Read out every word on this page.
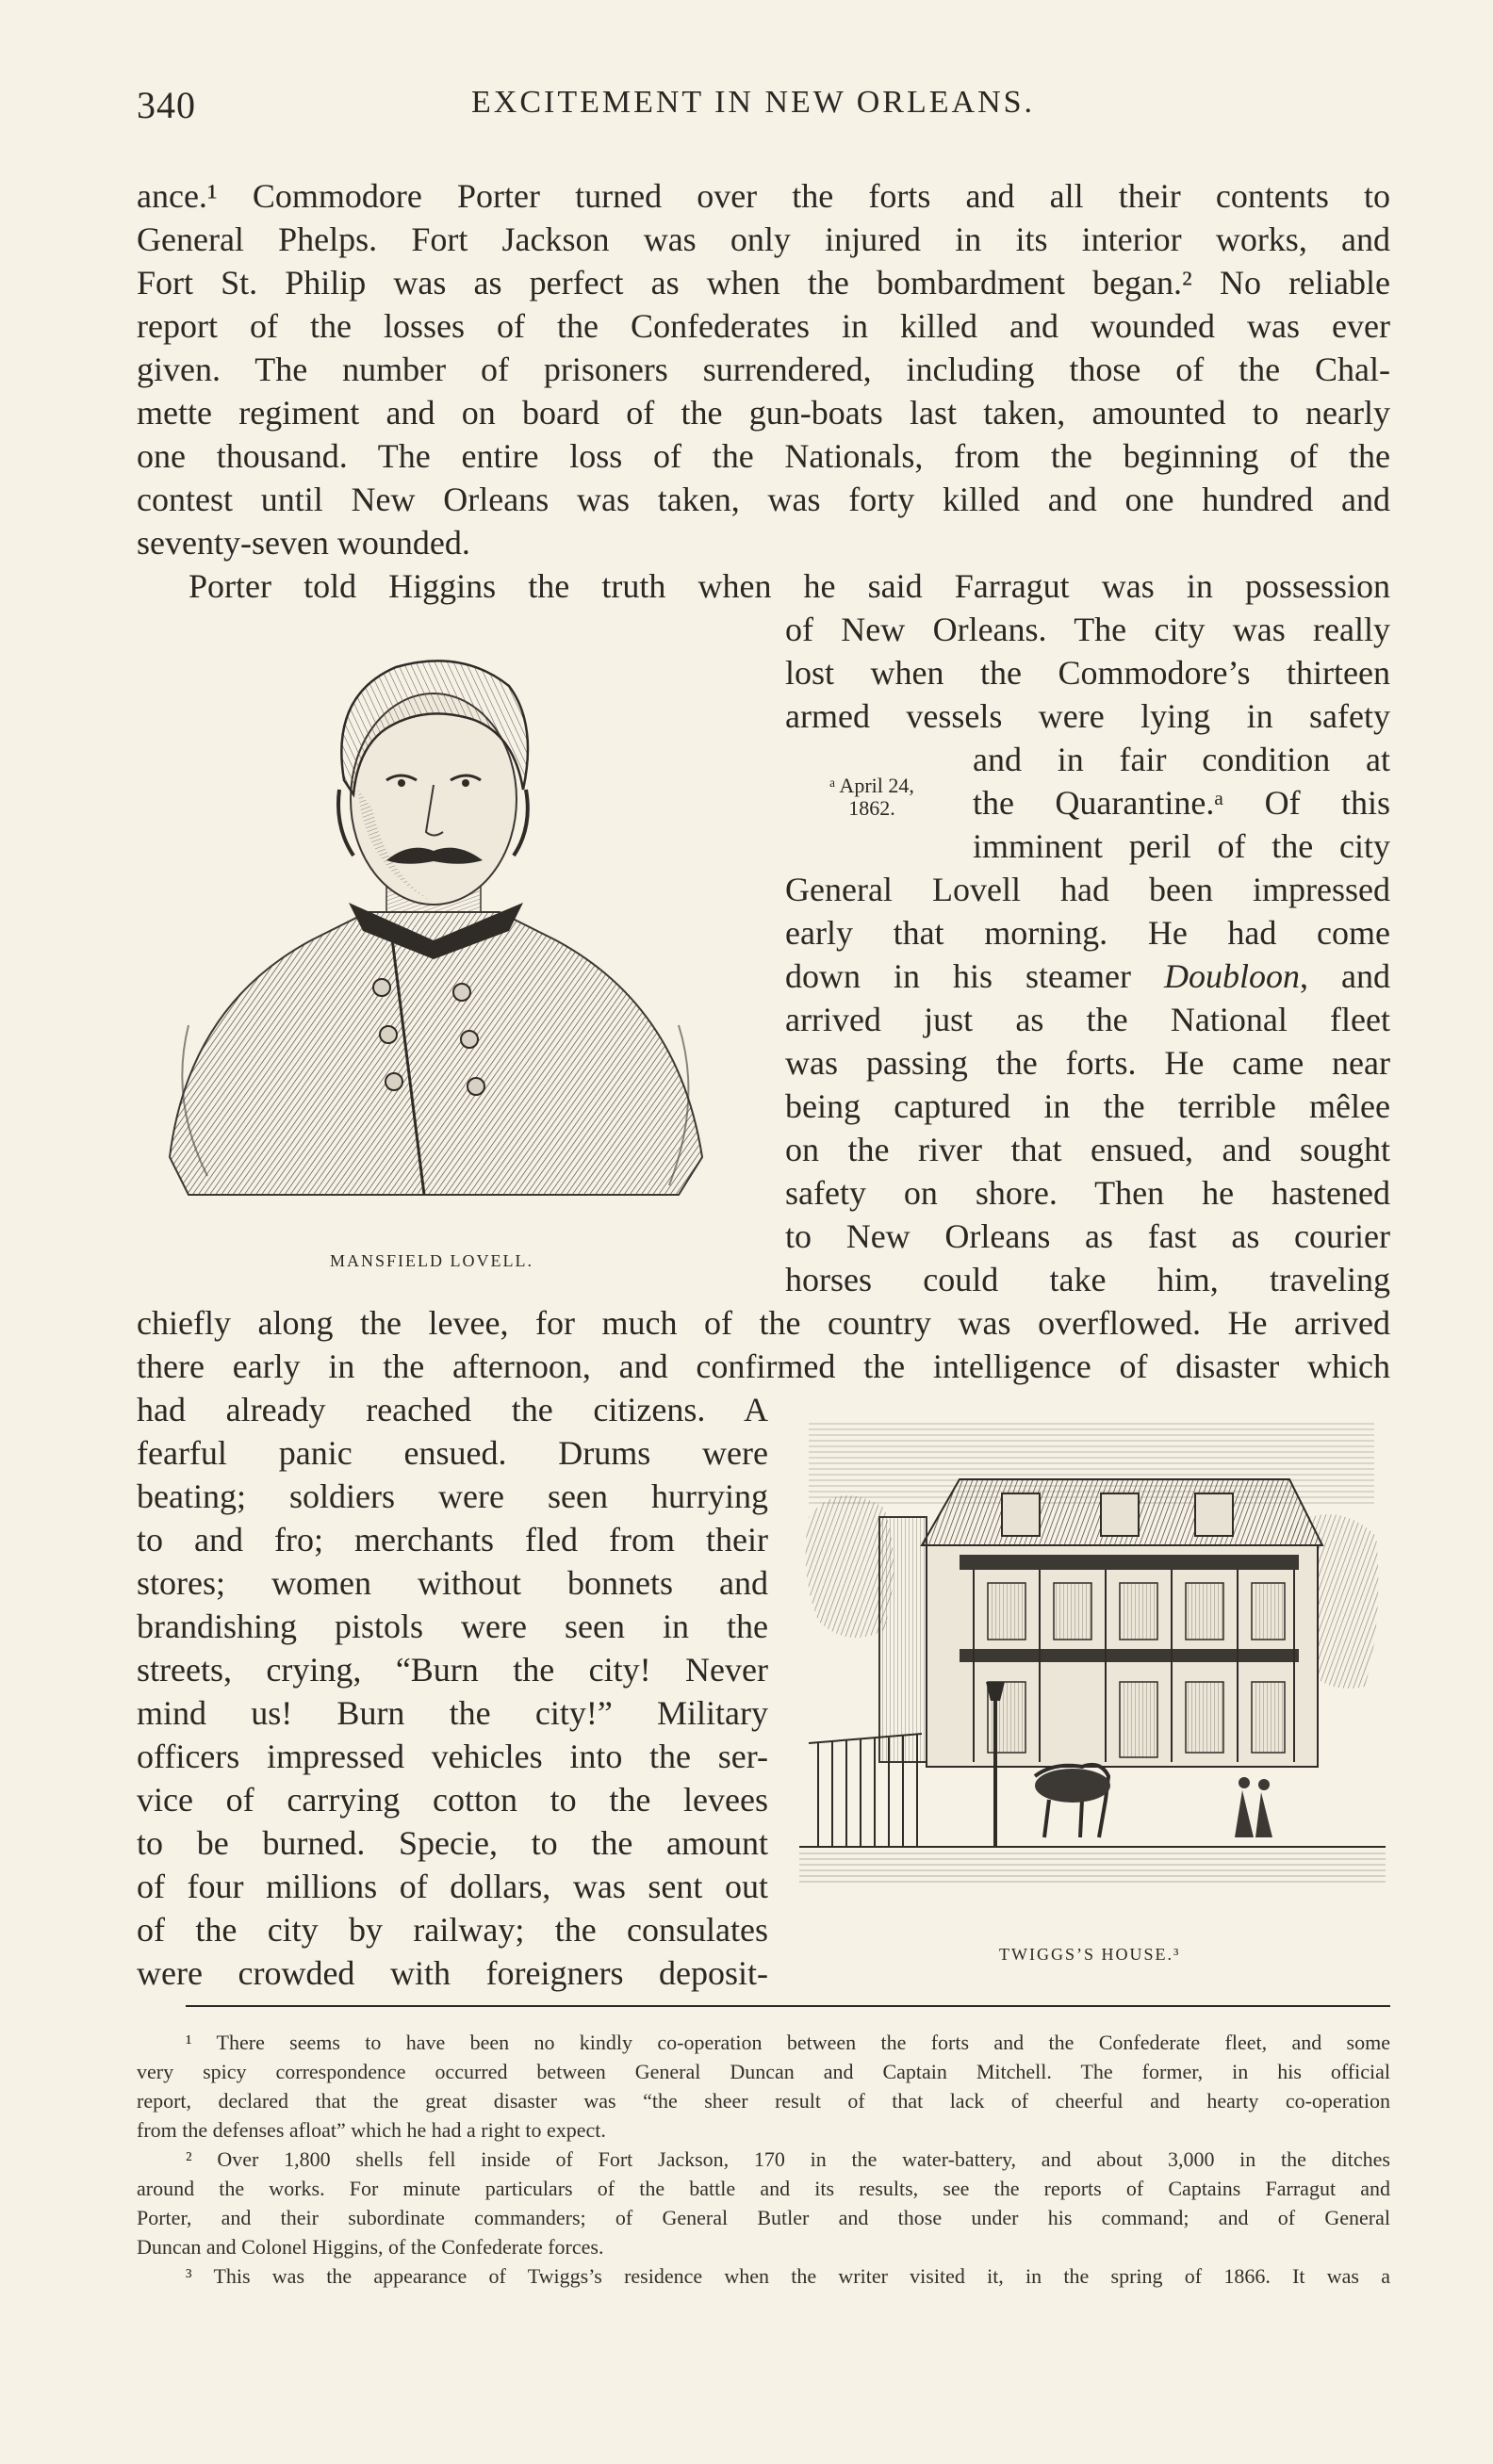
340	EXCITEMENT IN NEW ORLEANS.
ance.¹ Commodore Porter turned over the forts and all their contents to
General Phelps. Fort Jackson was only injured in its interior works, and
Fort St. Philip was as perfect as when the bombardment began.² No reliable
report of the losses of the Confederates in killed and wounded was ever
given. The number of prisoners surrendered, including those of the Chal-
mette regiment and on board of the gun-boats last taken, amounted to nearly
one thousand. The entire loss of the Nationals, from the beginning of the
contest until New Orleans was taken, was forty killed and one hundred and
seventy-seven wounded.
Porter told Higgins the truth when he said Farragut was in possession
of New Orleans. The city was really
lost when the Commodore’s thirteen
armed vessels were lying in safety
and in fair condition at
the Quarantine.ᵃ Of this
imminent peril of the city
General Lovell had been impressed
early that morning. He had come
down in his steamer Doubloon, and
arrived just as the National fleet
was passing the forts. He came near
being captured in the terrible mêlee
on the river that ensued, and sought
safety on shore. Then he hastened
to New Orleans as fast as courier
horses could take him, traveling
chiefly along the levee, for much of the country was overflowed. He arrived
there early in the afternoon, and confirmed the intelligence of disaster which
had already reached the citizens. A
fearful panic ensued. Drums were
beating; soldiers were seen hurrying
to and fro; merchants fled from their
stores; women without bonnets and
brandishing pistols were seen in the
streets, crying, “Burn the city! Never
mind us! Burn the city!” Military
officers impressed vehicles into the ser-
vice of carrying cotton to the levees
to be burned. Specie, to the amount
of four millions of dollars, was sent out
of the city by railway; the consulates
were crowded with foreigners deposit-
ᵃ April 24,
1862.
MANSFIELD LOVELL.
TWIGGS’S HOUSE.³
¹ There seems to have been no kindly co-operation between the forts and the Confederate fleet, and some
very spicy correspondence occurred between General Duncan and Captain Mitchell. The former, in his official
report, declared that the great disaster was “the sheer result of that lack of cheerful and hearty co-operation
from the defenses afloat” which he had a right to expect.
² Over 1,800 shells fell inside of Fort Jackson, 170 in the water-battery, and about 3,000 in the ditches
around the works. For minute particulars of the battle and its results, see the reports of Captains Farragut and
Porter, and their subordinate commanders; of General Butler and those under his command; and of General
Duncan and Colonel Higgins, of the Confederate forces.
³ This was the appearance of Twiggs’s residence when the writer visited it, in the spring of 1866. It was a
